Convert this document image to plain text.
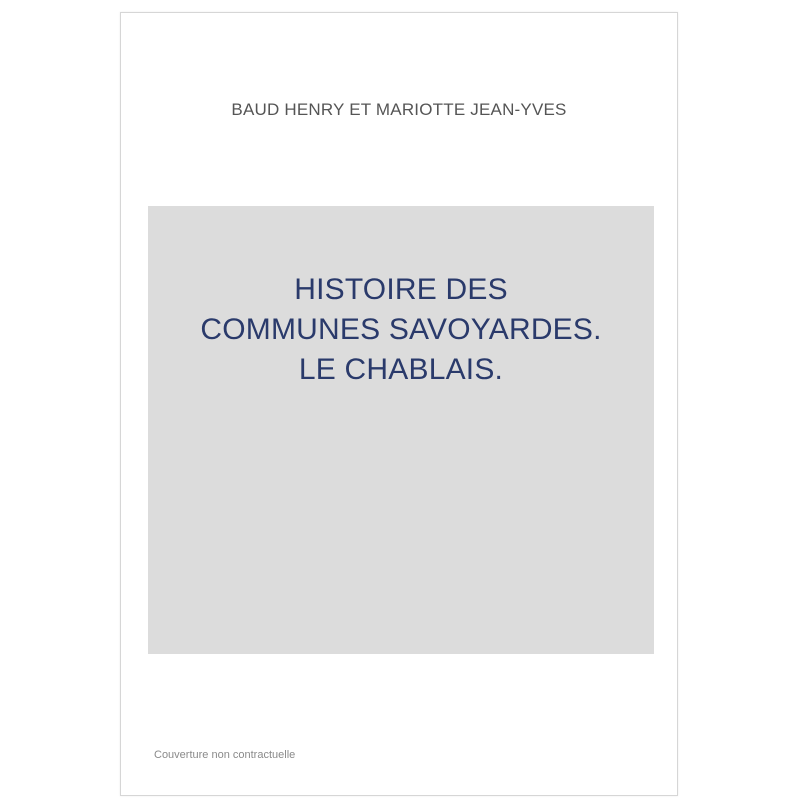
BAUD HENRY ET MARIOTTE JEAN-YVES
HISTOIRE DES
COMMUNES SAVOYARDES.
LE CHABLAIS.
Couverture non contractuelle
